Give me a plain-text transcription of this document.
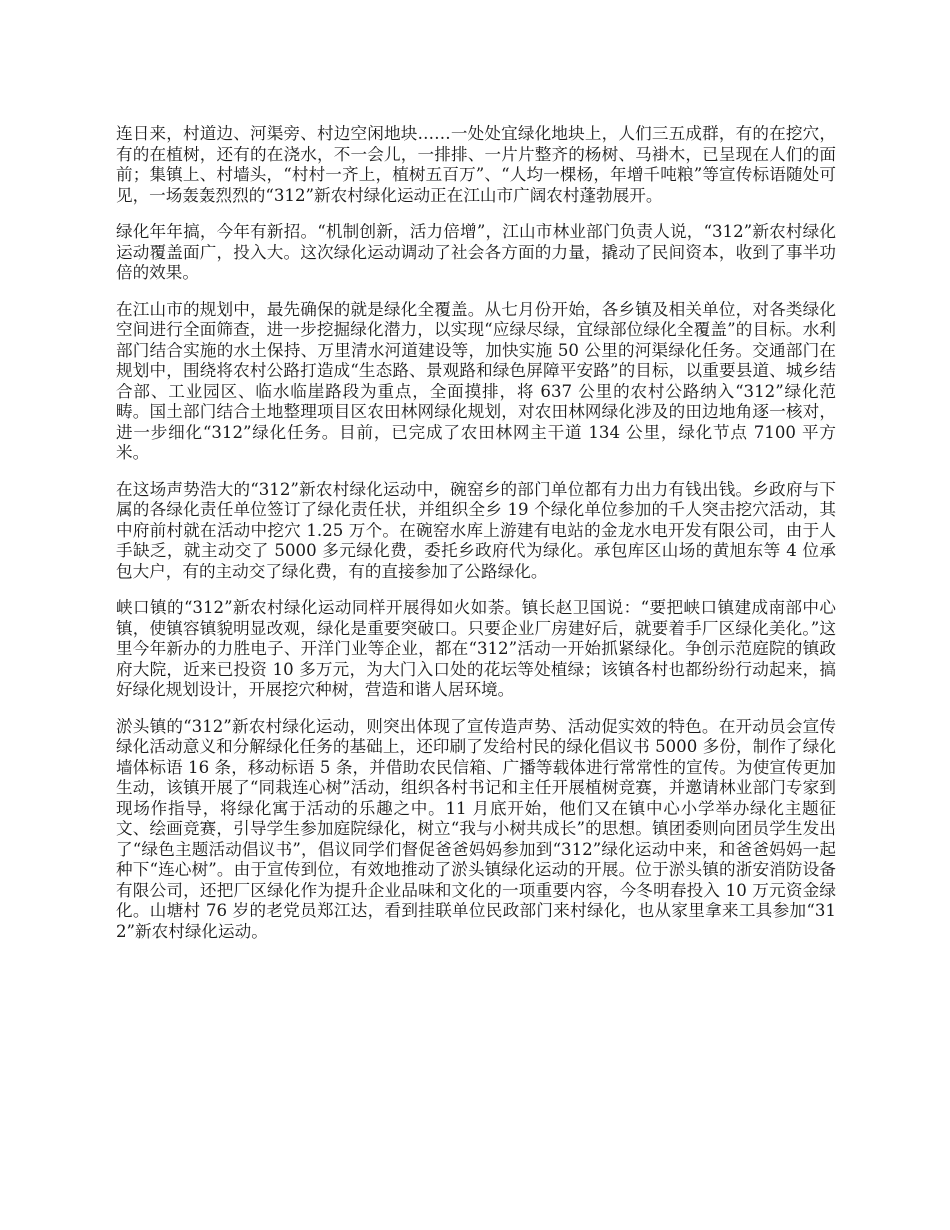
连日来，村道边、河渠旁、村边空闲地块……一处处宜绿化地块上，人们三五成群，有的在挖穴，有的在植树，还有的在浇水，不一会儿，一排排、一片片整齐的杨树、马褂木，已呈现在人们的面前；集镇上、村墙头，“村村一齐上，植树五百万”、“人均一棵杨，年增千吨粮”等宣传标语随处可见，一场轰轰烈烈的“312”新农村绿化运动正在江山市广阔农村蓬勃展开。

绿化年年搞，今年有新招。“机制创新，活力倍增”，江山市林业部门负责人说，“312”新农村绿化运动覆盖面广，投入大。这次绿化运动调动了社会各方面的力量，撬动了民间资本，收到了事半功倍的效果。

在江山市的规划中，最先确保的就是绿化全覆盖。从七月份开始，各乡镇及相关单位，对各类绿化空间进行全面筛查，进一步挖掘绿化潜力，以实现“应绿尽绿，宜绿部位绿化全覆盖”的目标。水利部门结合实施的水土保持、万里清水河道建设等，加快实施 50 公里的河渠绿化任务。交通部门在规划中，围绕将农村公路打造成“生态路、景观路和绿色屏障平安路”的目标，以重要县道、城乡结合部、工业园区、临水临崖路段为重点，全面摸排，将 637 公里的农村公路纳入“312”绿化范畴。国土部门结合土地整理项目区农田林网绿化规划，对农田林网绿化涉及的田边地角逐一核对，进一步细化“312”绿化任务。目前，已完成了农田林网主干道 134 公里，绿化节点 7100 平方米。

在这场声势浩大的“312”新农村绿化运动中，碗窑乡的部门单位都有力出力有钱出钱。乡政府与下属的各绿化责任单位签订了绿化责任状，并组织全乡 19 个绿化单位参加的千人突击挖穴活动，其中府前村就在活动中挖穴 1.25 万个。在碗窑水库上游建有电站的金龙水电开发有限公司，由于人手缺乏，就主动交了 5000 多元绿化费，委托乡政府代为绿化。承包库区山场的黄旭东等 4 位承包大户，有的主动交了绿化费，有的直接参加了公路绿化。

峡口镇的“312”新农村绿化运动同样开展得如火如荼。镇长赵卫国说：“要把峡口镇建成南部中心镇，使镇容镇貌明显改观，绿化是重要突破口。只要企业厂房建好后，就要着手厂区绿化美化。”这里今年新办的力胜电子、开洋门业等企业，都在“312”活动一开始抓紧绿化。争创示范庭院的镇政府大院，近来已投资 10 多万元，为大门入口处的花坛等处植绿；该镇各村也都纷纷行动起来，搞好绿化规划设计，开展挖穴种树，营造和谐人居环境。

淤头镇的“312”新农村绿化运动，则突出体现了宣传造声势、活动促实效的特色。在开动员会宣传绿化活动意义和分解绿化任务的基础上，还印刷了发给村民的绿化倡议书 5000 多份，制作了绿化墙体标语 16 条，移动标语 5 条，并借助农民信箱、广播等载体进行常常性的宣传。为使宣传更加生动，该镇开展了“同栽连心树”活动，组织各村书记和主任开展植树竞赛，并邀请林业部门专家到现场作指导，将绿化寓于活动的乐趣之中。11 月底开始，他们又在镇中心小学举办绿化主题征文、绘画竞赛，引导学生参加庭院绿化，树立“我与小树共成长”的思想。镇团委则向团员学生发出了“绿色主题活动倡议书”，倡议同学们督促爸爸妈妈参加到“312”绿化运动中来，和爸爸妈妈一起种下“连心树”。由于宣传到位，有效地推动了淤头镇绿化运动的开展。位于淤头镇的浙安消防设备有限公司，还把厂区绿化作为提升企业品味和文化的一项重要内容，今冬明春投入 10 万元资金绿化。山塘村 76 岁的老党员郑江达，看到挂联单位民政部门来村绿化，也从家里拿来工具参加“312”新农村绿化运动。
